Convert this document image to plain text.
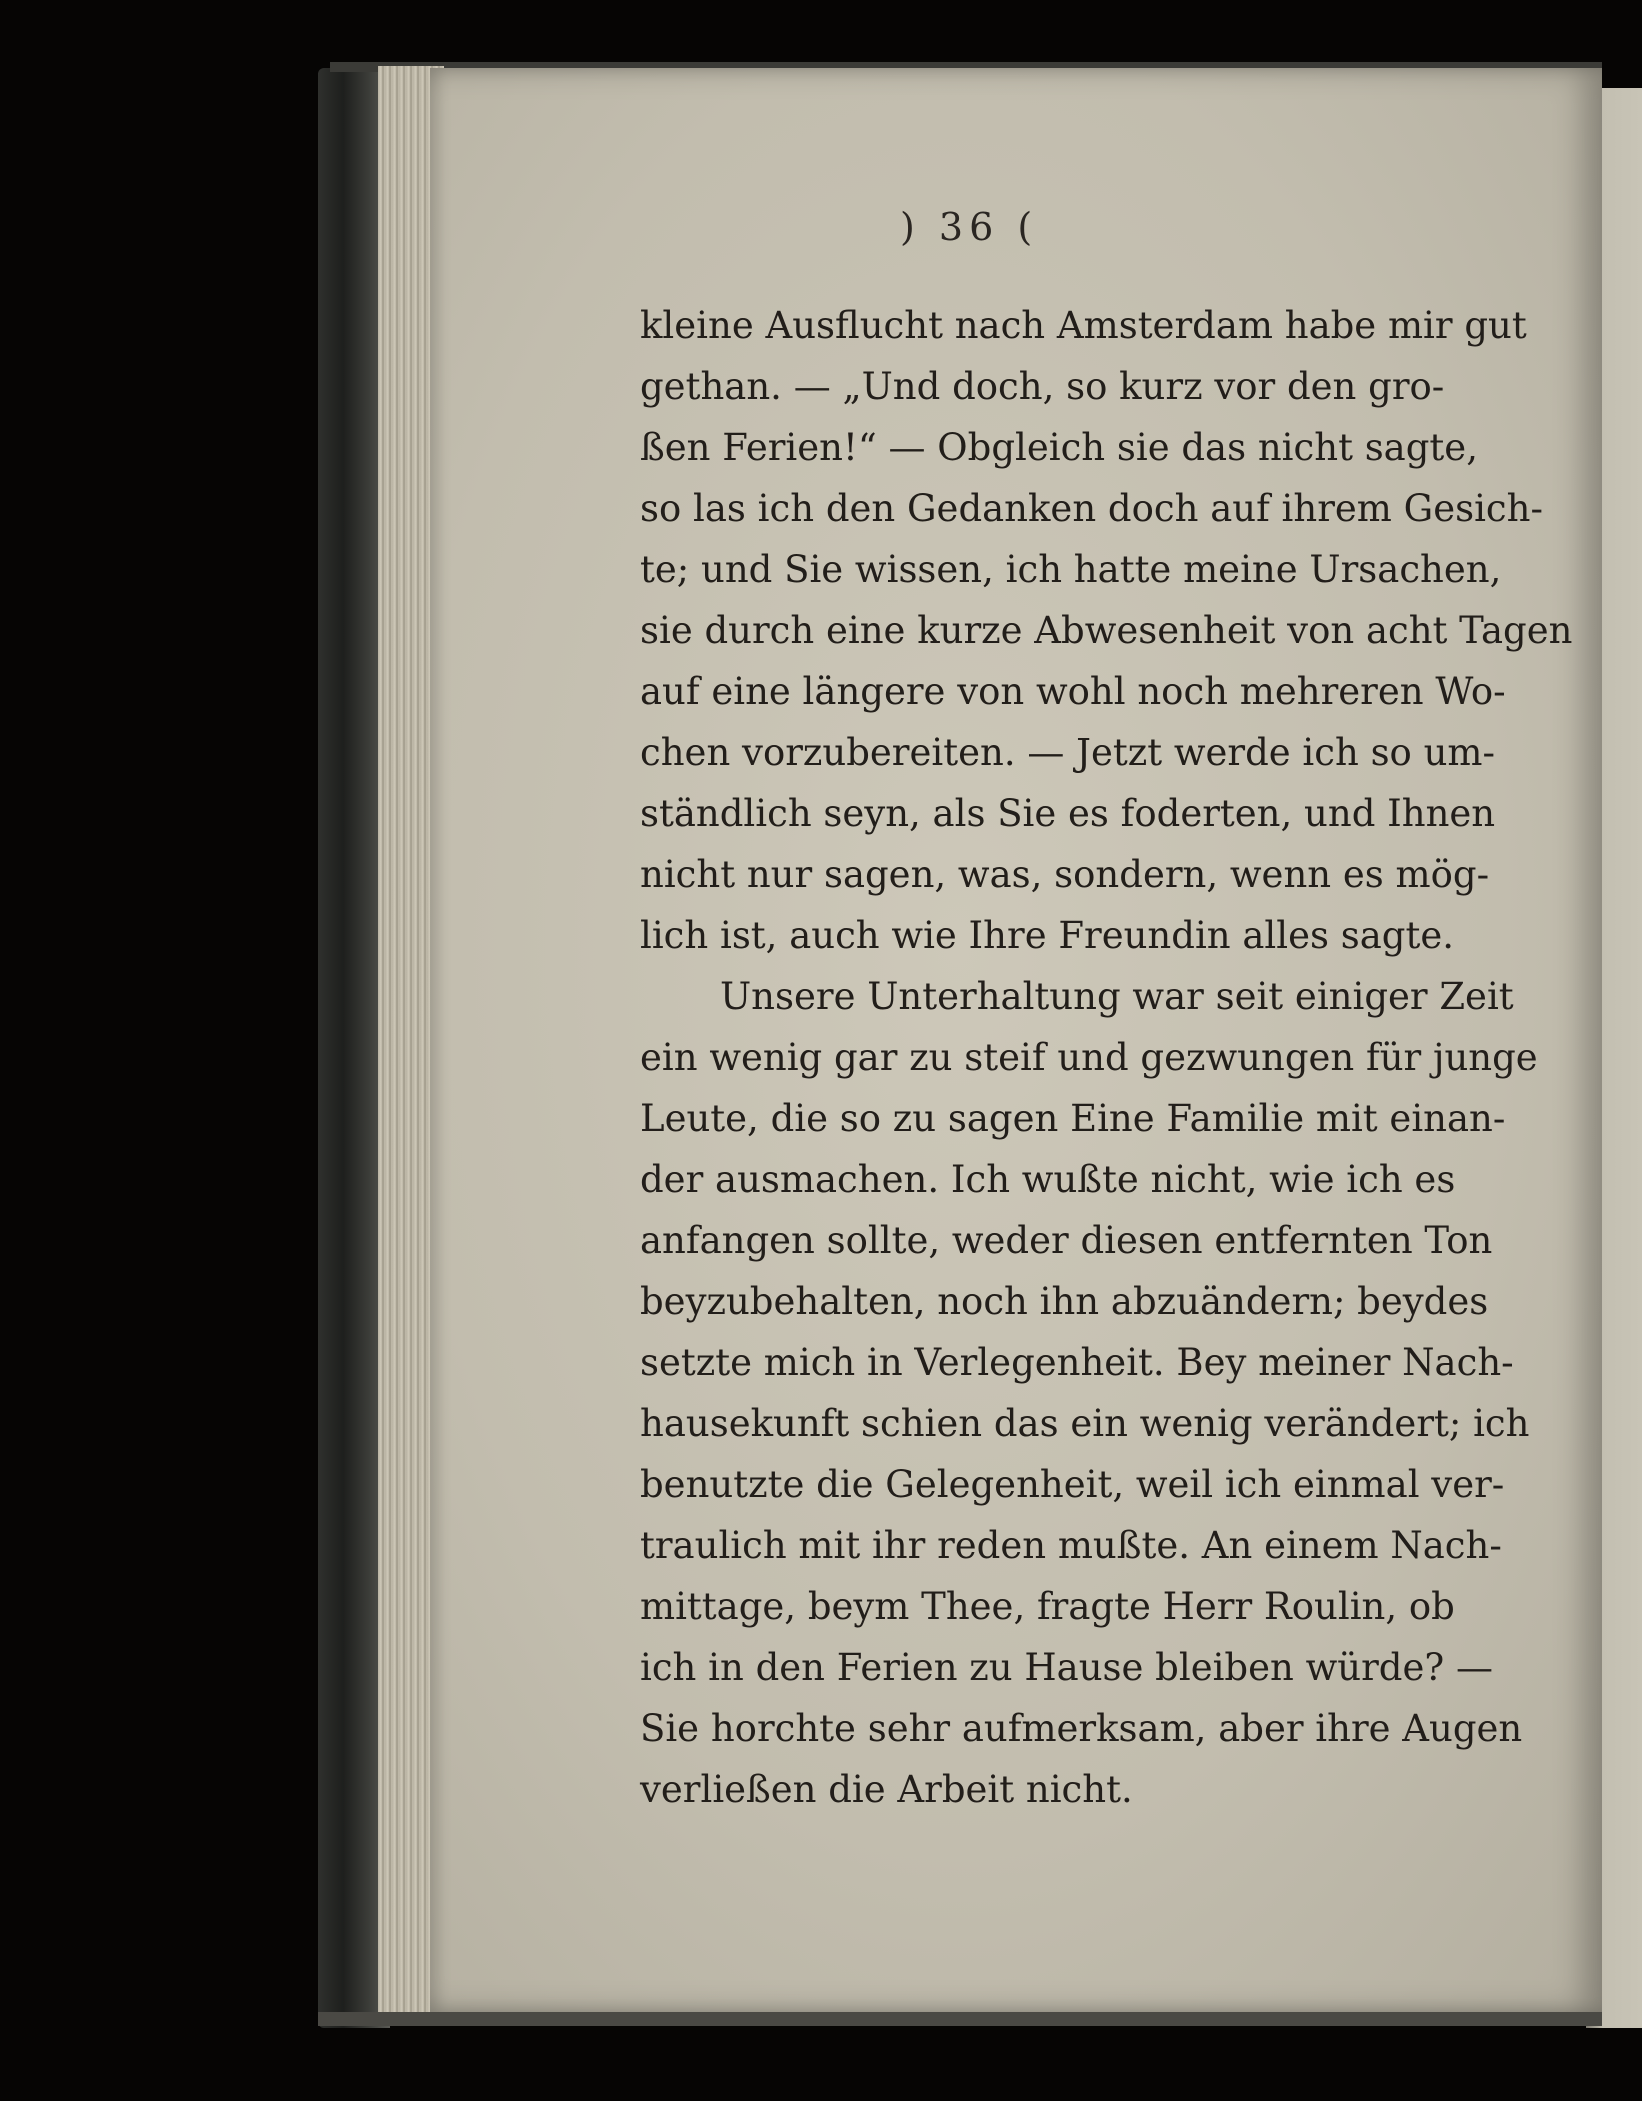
) 36 (
kleine Ausflucht nach Amsterdam habe mir gut
gethan. — „Und doch, so kurz vor den gro-
ßen Ferien!“ — Obgleich sie das nicht sagte,
so las ich den Gedanken doch auf ihrem Gesich-
te; und Sie wissen, ich hatte meine Ursachen,
sie durch eine kurze Abwesenheit von acht Tagen
auf eine längere von wohl noch mehreren Wo-
chen vorzubereiten. — Jetzt werde ich so um-
ständlich seyn, als Sie es foderten, und Ihnen
nicht nur sagen, was, sondern, wenn es mög-
lich ist, auch wie Ihre Freundin alles sagte.
Unsere Unterhaltung war seit einiger Zeit
ein wenig gar zu steif und gezwungen für junge
Leute, die so zu sagen Eine Familie mit einan-
der ausmachen. Ich wußte nicht, wie ich es
anfangen sollte, weder diesen entfernten Ton
beyzubehalten, noch ihn abzuändern; beydes
setzte mich in Verlegenheit. Bey meiner Nach-
hausekunft schien das ein wenig verändert; ich
benutzte die Gelegenheit, weil ich einmal ver-
traulich mit ihr reden mußte. An einem Nach-
mittage, beym Thee, fragte Herr Roulin, ob
ich in den Ferien zu Hause bleiben würde? —
Sie horchte sehr aufmerksam, aber ihre Augen
verließen die Arbeit nicht.
